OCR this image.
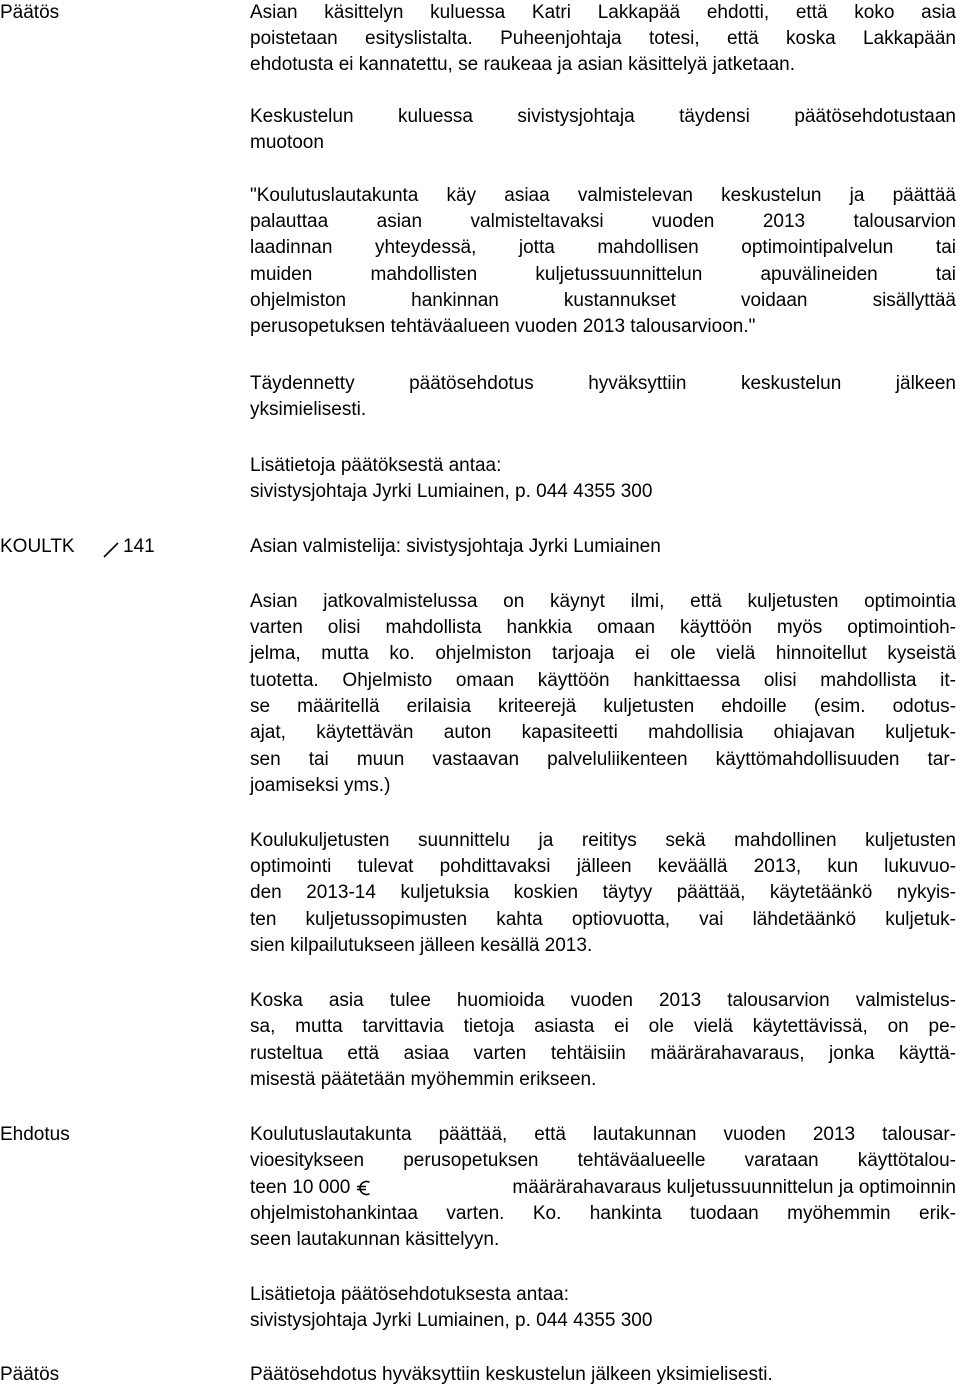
Päätös	Asian käsittelyn kuluessa Katri Lakkapää ehdotti, että koko asia
poistetaan esityslistalta. Puheenjohtaja totesi, että koska Lakkapään
ehdotusta ei kannatettu, se raukeaa ja asian käsittelyä jatketaan.
Keskustelun kuluessa sivistysjohtaja täydensi päätösehdotustaan
muotoon
"Koulutuslautakunta käy asiaa valmistelevan keskustelun ja päättää
palauttaa asian valmisteltavaksi vuoden 2013 talousarvion
laadinnan yhteydessä, jotta mahdollisen optimointipalvelun tai
muiden mahdollisten kuljetussuunnittelun apuvälineiden tai
ohjelmiston hankinnan kustannukset voidaan sisällyttää
perusopetuksen tehtäväalueen vuoden 2013 talousarvioon."
Täydennetty päätösehdotus hyväksyttiin keskustelun jälkeen
yksimielisesti.
Lisätietoja päätöksestä antaa:
sivistysjohtaja Jyrki Lumiainen, p. 044 4355 300
KOULTK	141	Asian valmistelija: sivistysjohtaja Jyrki Lumiainen
Asian jatkovalmistelussa on käynyt ilmi, että kuljetusten optimointia
varten olisi mahdollista hankkia omaan käyttöön myös optimointioh-
jelma, mutta ko. ohjelmiston tarjoaja ei ole vielä hinnoitellut kyseistä
tuotetta. Ohjelmisto omaan käyttöön hankittaessa olisi mahdollista it-
se määritellä erilaisia kriteerejä kuljetusten ehdoille (esim. odotus-
ajat, käytettävän auton kapasiteetti mahdollisia ohiajavan kuljetuk-
sen tai muun vastaavan palveluliikenteen käyttömahdollisuuden tar-
joamiseksi yms.)
Koulukuljetusten suunnittelu ja reititys sekä mahdollinen kuljetusten
optimointi tulevat pohdittavaksi jälleen keväällä 2013, kun lukuvuo-
den 2013-14 kuljetuksia koskien täytyy päättää, käytetäänkö nykyis-
ten kuljetussopimusten kahta optiovuotta, vai lähdetäänkö kuljetuk-
sien kilpailutukseen jälleen kesällä 2013.
Koska asia tulee huomioida vuoden 2013 talousarvion valmistelus-
sa, mutta tarvittavia tietoja asiasta ei ole vielä käytettävissä, on pe-
rusteltua että asiaa varten tehtäisiin määrärahavaraus, jonka käyttä-
misestä päätetään myöhemmin erikseen.
Ehdotus	Koulutuslautakunta päättää, että lautakunnan vuoden 2013 talousar-
vioesitykseen perusopetuksen tehtäväalueelle varataan käyttötalou-
teen 10 000	määrärahavaraus kuljetussuunnittelun ja optimoinnin
ohjelmistohankintaa varten. Ko. hankinta tuodaan myöhemmin erik-
seen lautakunnan käsittelyyn.
Lisätietoja päätösehdotuksesta antaa:
sivistysjohtaja Jyrki Lumiainen, p. 044 4355 300
Päätös	Päätösehdotus hyväksyttiin keskustelun jälkeen yksimielisesti.
